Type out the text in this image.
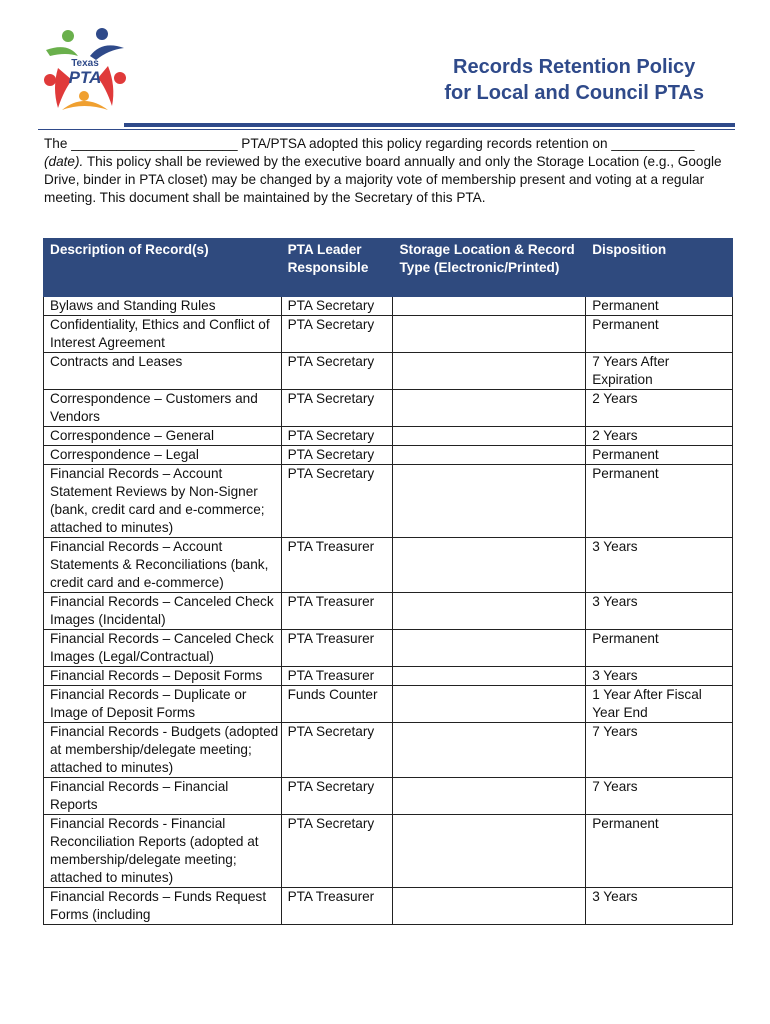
Texas
PTA	Records Retention Policy
for Local and Council PTAs
The ______________________ PTA/PTSA adopted this policy regarding records retention on ___________ (date). This policy shall be reviewed by the executive board annually and only the Storage Location (e.g., Google Drive, binder in PTA closet) may be changed by a majority vote of membership present and voting at a regular meeting. This document shall be maintained by the Secretary of this PTA.
Description of Record(s)	PTA Leader Responsible	Storage Location & Record Type (Electronic/Printed)	Disposition
Bylaws and Standing Rules	PTA Secretary		Permanent
Confidentiality, Ethics and Conflict of Interest Agreement	PTA Secretary		Permanent
Contracts and Leases	PTA Secretary		7 Years After Expiration
Correspondence – Customers and Vendors	PTA Secretary		2 Years
Correspondence – General	PTA Secretary		2 Years
Correspondence – Legal	PTA Secretary		Permanent
Financial Records – Account Statement Reviews by Non-Signer (bank, credit card and e-commerce; attached to minutes)	PTA Secretary		Permanent
Financial Records – Account Statements & Reconciliations (bank, credit card and e-commerce)	PTA Treasurer		3 Years
Financial Records – Canceled Check Images (Incidental)	PTA Treasurer		3 Years
Financial Records – Canceled Check Images (Legal/Contractual)	PTA Treasurer		Permanent
Financial Records – Deposit Forms	PTA Treasurer		3 Years
Financial Records – Duplicate or Image of Deposit Forms	Funds Counter		1 Year After Fiscal Year End
Financial Records - Budgets (adopted at membership/delegate meeting; attached to minutes)	PTA Secretary		7 Years
Financial Records – Financial Reports	PTA Secretary		7 Years
Financial Records - Financial Reconciliation Reports (adopted at membership/delegate meeting; attached to minutes)	PTA Secretary		Permanent
Financial Records – Funds Request Forms (including	PTA Treasurer		3 Years
